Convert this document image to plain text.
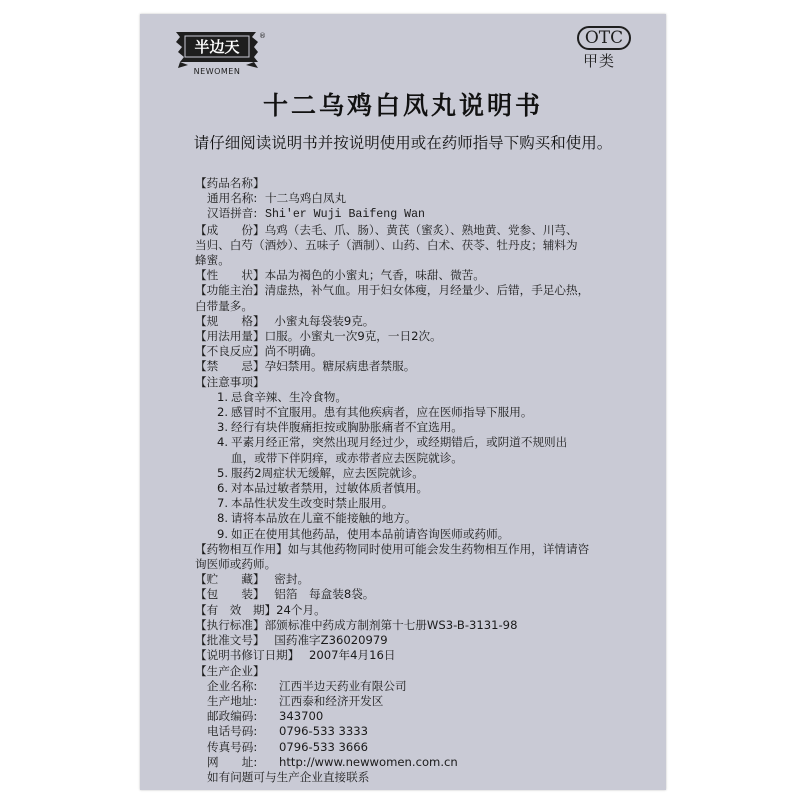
半边天
®
NEWOMEN
OTC
甲类
十二乌鸡白凤丸说明书
请仔细阅读说明书并按说明使用或在药师指导下购买和使用。
【药品名称】
通用名称: 十二乌鸡白凤丸
汉语拼音: Shi'er Wuji Baifeng Wan
【成　　份】乌鸡（去毛、爪、肠）、黄芪（蜜炙）、熟地黄、党参、川芎、
当归、白芍（酒炒）、五味子（酒制）、山药、白术、茯苓、牡丹皮；辅料为
蜂蜜。
【性　　状】本品为褐色的小蜜丸；气香，味甜、微苦。
【功能主治】清虚热，补气血。用于妇女体瘦，月经量少、后错，手足心热，
白带量多。
【规　　格】 小蜜丸每袋装9克。
【用法用量】口服。小蜜丸一次9克，一日2次。
【不良反应】尚不明确。
【禁　　忌】孕妇禁用。糖尿病患者禁服。
【注意事项】
1. 忌食辛辣、生冷食物。
2. 感冒时不宜服用。患有其他疾病者，应在医师指导下服用。
3. 经行有块伴腹痛拒按或胸胁胀痛者不宜选用。
4. 平素月经正常，突然出现月经过少，或经期错后，或阴道不规则出
血，或带下伴阴痒，或赤带者应去医院就诊。
5. 服药2周症状无缓解，应去医院就诊。
6. 对本品过敏者禁用，过敏体质者慎用。
7. 本品性状发生改变时禁止服用。
8. 请将本品放在儿童不能接触的地方。
9. 如正在使用其他药品，使用本品前请咨询医师或药师。
【药物相互作用】如与其他药物同时使用可能会发生药物相互作用，详情请咨
询医师或药师。
【贮　　藏】 密封。
【包　　装】 铝箔　每盒装8袋。
【有　效　期】24个月。
【执行标准】部颁标准中药成方制剂第十七册WS3-B-3131-98
【批准文号】 国药准字Z36020979
【说明书修订日期】 2007年4月16日
【生产企业】
企业名称: 江西半边天药业有限公司
生产地址: 江西泰和经济开发区
邮政编码: 343700
电话号码: 0796-533 3333
传真号码: 0796-533 3666
网　　址: http://www.newwomen.com.cn
如有问题可与生产企业直接联系
